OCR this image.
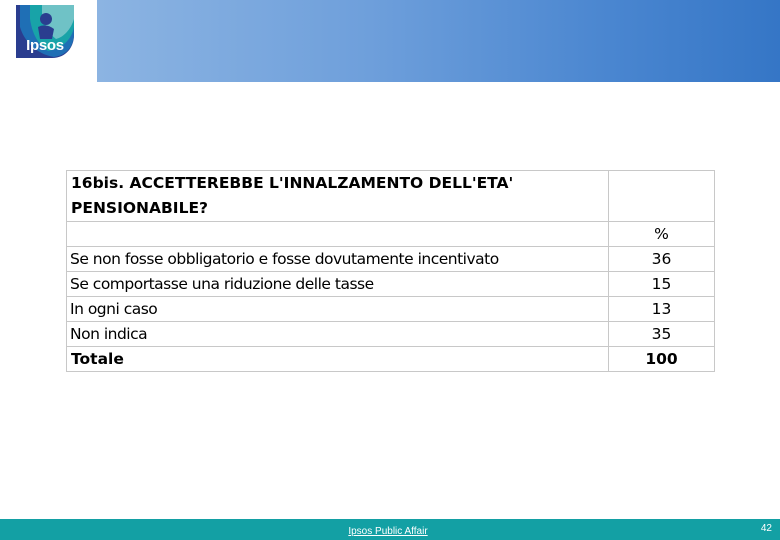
Ipsos
16bis. ACCETTEREBBE L'INNALZAMENTO DELL'ETA' PENSIONABILE?	
	%
Se non fosse obbligatorio e fosse dovutamente incentivato	36
Se comportasse una riduzione delle tasse	15
In ogni caso	13
Non indica	35
Totale	100
Ipsos Public Affair	42
